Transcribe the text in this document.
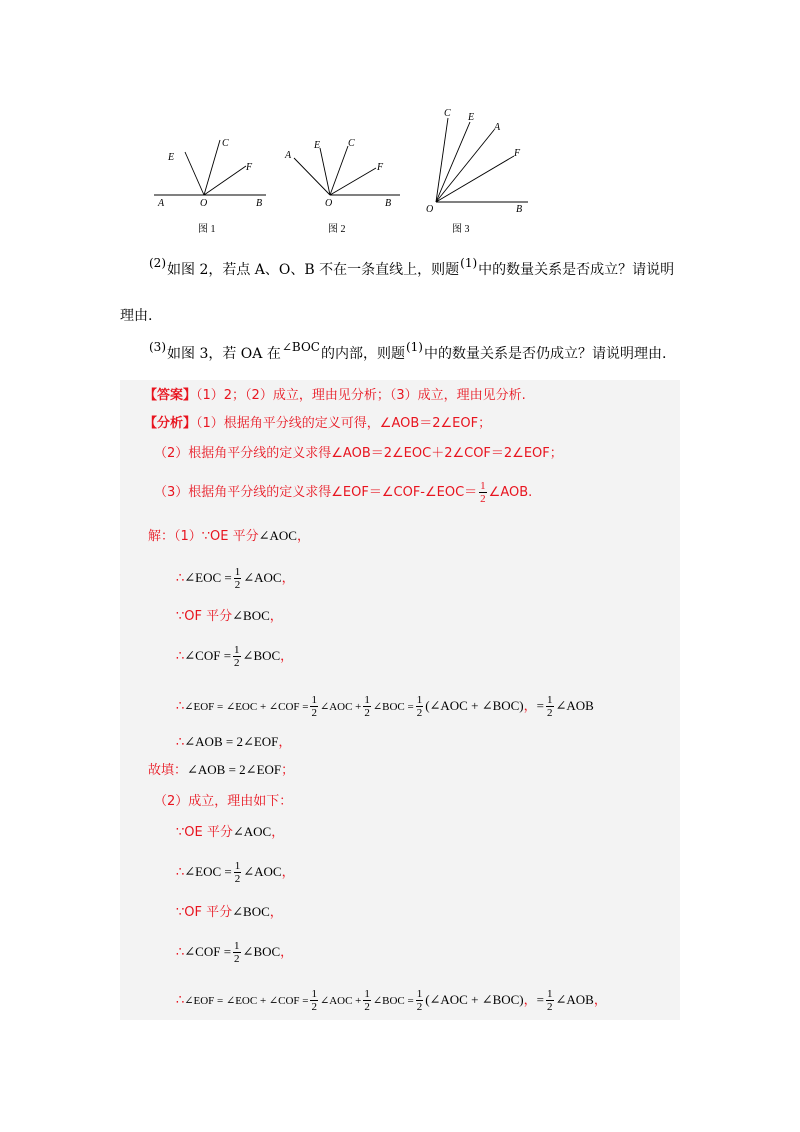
E
C
F
O
A	B
图 1
A
E	C
F
O	B
图 2
C E
A
F
O	B
图 3
(2)如图 2，若点 A、O、B 不在一条直线上，则题(1)中的数量关系是否成立？请说明
理由.
(3)如图 3，若 OA 在∠BOC的内部，则题(1)中的数量关系是否仍成立？请说明理由.
【答案】（1）2；（2）成立，理由见分析；（3）成立，理由见分析.
【分析】（1）根据角平分线的定义可得，∠AOB＝2∠EOF；
（2）根据角平分线的定义求得∠AOB＝2∠EOC＋2∠COF＝2∠EOF；
（3）根据角平分线的定义求得∠EOF＝∠COF-∠EOC＝ $\frac{1}{2}$ ∠AOB.
解：（1）∵OE 平分∠AOC，
∴∠EOC = $\frac{1}{2}$ ∠AOC，
∵OF 平分∠BOC，
∴∠COF = $\frac{1}{2}$ ∠BOC，
∴∠EOF = ∠EOC + ∠COF = $\frac{1}{2}$ ∠AOC + $\frac{1}{2}$ ∠BOC = $\frac{1}{2}$ (∠AOC + ∠BOC)，= $\frac{1}{2}$ ∠AOB
∴∠AOB = 2∠EOF，
故填：∠AOB = 2∠EOF；
（2）成立，理由如下：
∵OE 平分∠AOC，
∴∠EOC = $\frac{1}{2}$ ∠AOC，
∵OF 平分∠BOC，
∴∠COF = $\frac{1}{2}$ ∠BOC，
∴∠EOF = ∠EOC + ∠COF = $\frac{1}{2}$ ∠AOC + $\frac{1}{2}$ ∠BOC = $\frac{1}{2}$ (∠AOC + ∠BOC)，= $\frac{1}{2}$ ∠AOB，
